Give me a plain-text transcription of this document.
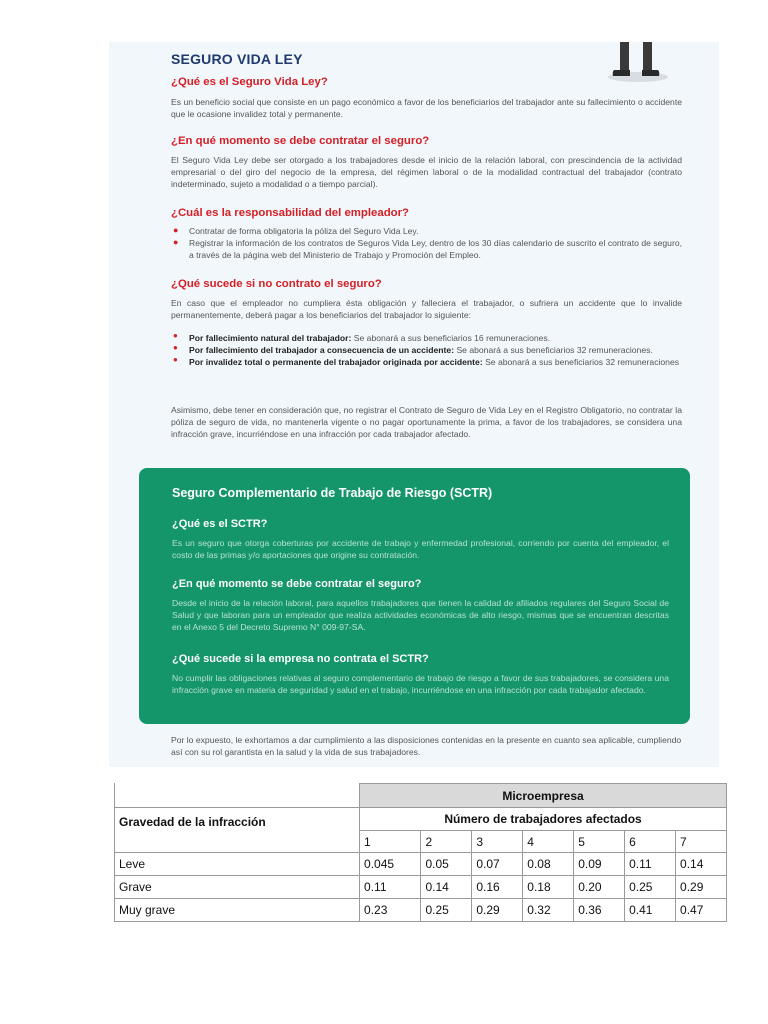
SEGURO VIDA LEY
¿Qué es el Seguro Vida Ley?

Es un beneficio social que consiste en un pago económico a favor de los beneficiarios del trabajador ante su fallecimiento o accidente que le ocasione invalidez total y permanente.

¿En qué momento se debe contratar el seguro?

El Seguro Vida Ley debe ser otorgado a los trabajadores desde el inicio de la relación laboral, con prescindencia de la actividad empresarial o del giro del negocio de la empresa, del régimen laboral o de la modalidad contractual del trabajador (contrato indeterminado, sujeto a modalidad o a tiempo parcial).

¿Cuál es la responsabilidad del empleador?
● Contratar de forma obligatoria la póliza del Seguro Vida Ley.
● Registrar la información de los contratos de Seguros Vida Ley, dentro de los 30 días calendario de suscrito el contrato de seguro, a través de la página web del Ministerio de Trabajo y Promoción del Empleo.
¿Qué sucede si no contrato el seguro?

En caso que el empleador no cumpliera ésta obligación y falleciera el trabajador, o sufriera un accidente que lo invalide permanentemente, deberá pagar a los beneficiarios del trabajador lo siguiente:

● Por fallecimiento natural del trabajador: Se abonará a sus beneficiarios 16 remuneraciones.
● Por fallecimiento del trabajador a consecuencia de un accidente: Se abonará a sus beneficiarios 32 remuneraciones.
● Por invalidez total o permanente del trabajador originada por accidente: Se abonará a sus beneficiarios 32 remuneraciones

Asimismo, debe tener en consideración que, no registrar el Contrato de Seguro de Vida Ley en el Registro Obligatorio, no contratar la póliza de seguro de vida, no mantenerla vigente o no pagar oportunamente la prima, a favor de los trabajadores, se considera una infracción grave, incurriéndose en una infracción por cada trabajador afectado.

Seguro Complementario de Trabajo de Riesgo (SCTR)
¿Qué es el SCTR?

Es un seguro que otorga coberturas por accidente de trabajo y enfermedad profesional, corriendo por cuenta del empleador, el costo de las primas y/o aportaciones que origine su contratación.

¿En qué momento se debe contratar el seguro?

Desde el inicio de la relación laboral, para aquellos trabajadores que tienen la calidad de afiliados regulares del Seguro Social de Salud y que laboran para un empleador que realiza actividades económicas de alto riesgo, mismas que se encuentran descritas en el Anexo 5 del Decreto Supremo N° 009-97-SA.

¿Qué sucede si la empresa no contrata el SCTR?

No cumplir las obligaciones relativas al seguro complementario de trabajo de riesgo a favor de sus trabajadores, se considera una infracción grave en materia de seguridad y salud en el trabajo, incurriéndose en una infracción por cada trabajador afectado.

Por lo expuesto, le exhortamos a dar cumplimiento a las disposiciones contenidas en la presente en cuanto sea aplicable, cumpliendo así con su rol garantista en la salud y la vida de sus trabajadores.

	Microempresa						
Gravedad de la infracción	Número de trabajadores afectados						
	1	2	3	4	5	6	7
Leve	0.045	0.05	0.07	0.08	0.09	0.11	0.14
Grave	0.11	0.14	0.16	0.18	0.20	0.25	0.29
Muy grave	0.23	0.25	0.29	0.32	0.36	0.41	0.47
